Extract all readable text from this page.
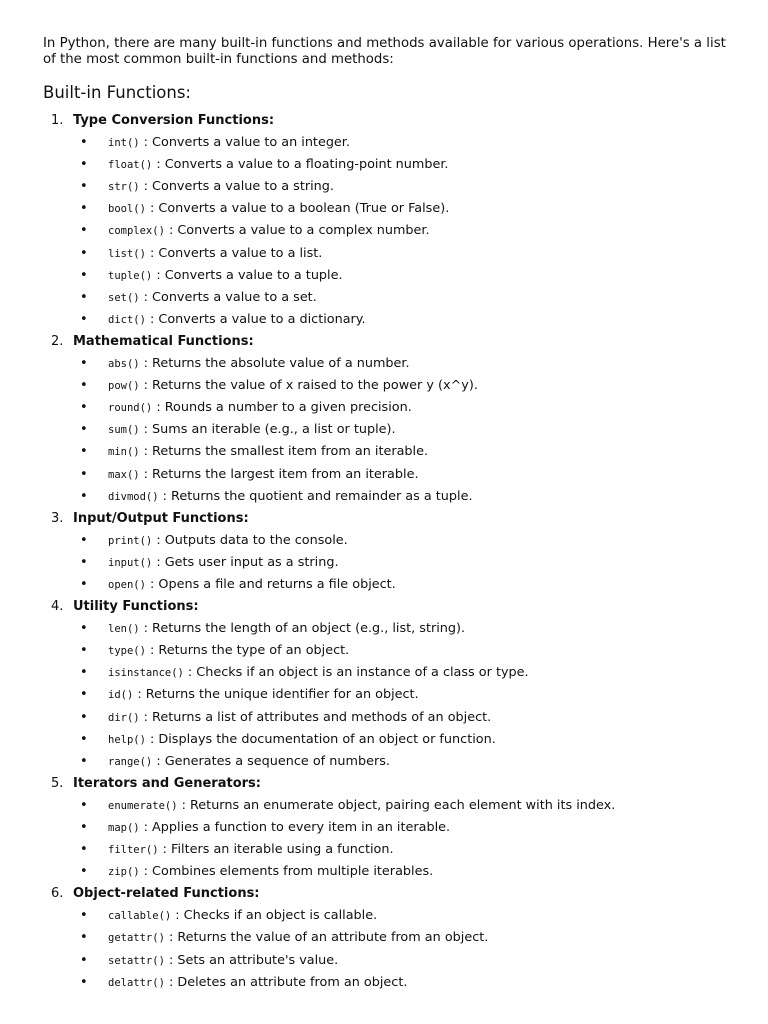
In Python, there are many built-in functions and methods available for various operations. Here's a list of the most common built-in functions and methods:

Built-in Functions:
1. Type Conversion Functions:
• int() : Converts a value to an integer.
• float() : Converts a value to a floating-point number.
• str() : Converts a value to a string.
• bool() : Converts a value to a boolean (True or False).
• complex() : Converts a value to a complex number.
• list() : Converts a value to a list.
• tuple() : Converts a value to a tuple.
• set() : Converts a value to a set.
• dict() : Converts a value to a dictionary.
2. Mathematical Functions:
• abs() : Returns the absolute value of a number.
• pow() : Returns the value of x raised to the power y (x^y).
• round() : Rounds a number to a given precision.
• sum() : Sums an iterable (e.g., a list or tuple).
• min() : Returns the smallest item from an iterable.
• max() : Returns the largest item from an iterable.
• divmod() : Returns the quotient and remainder as a tuple.
3. Input/Output Functions:
• print() : Outputs data to the console.
• input() : Gets user input as a string.
• open() : Opens a file and returns a file object.
4. Utility Functions:
• len() : Returns the length of an object (e.g., list, string).
• type() : Returns the type of an object.
• isinstance() : Checks if an object is an instance of a class or type.
• id() : Returns the unique identifier for an object.
• dir() : Returns a list of attributes and methods of an object.
• help() : Displays the documentation of an object or function.
• range() : Generates a sequence of numbers.
5. Iterators and Generators:
• enumerate() : Returns an enumerate object, pairing each element with its index.
• map() : Applies a function to every item in an iterable.
• filter() : Filters an iterable using a function.
• zip() : Combines elements from multiple iterables.
6. Object-related Functions:
• callable() : Checks if an object is callable.
• getattr() : Returns the value of an attribute from an object.
• setattr() : Sets an attribute's value.
• delattr() : Deletes an attribute from an object.
